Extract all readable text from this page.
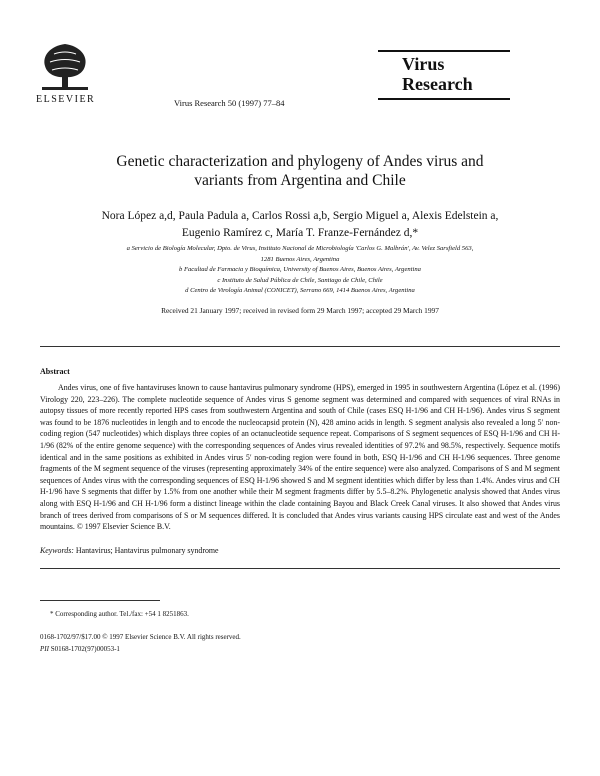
ELSEVIER	Virus Research 50 (1997) 77–84
Virus
Research
Genetic characterization and phylogeny of Andes virus and
variants from Argentina and Chile
Nora López a,d, Paula Padula a, Carlos Rossi a,b, Sergio Miguel a, Alexis Edelstein a,
Eugenio Ramírez c, María T. Franze-Fernández d,*
a Servicio de Biología Molecular, Dpto. de Virus, Instituto Nacional de Microbiología 'Carlos G. Malbrán', Av. Velez Sarsfield 563,
1281 Buenos Aires, Argentina
b Facultad de Farmacia y Bioquímica, University of Buenos Aires, Buenos Aires, Argentina
c Instituto de Salud Pública de Chile, Santiago de Chile, Chile
d Centro de Virología Animal (CONICET), Serrano 669, 1414 Buenos Aires, Argentina
Received 21 January 1997; received in revised form 29 March 1997; accepted 29 March 1997
Abstract

Andes virus, one of five hantaviruses known to cause hantavirus pulmonary syndrome (HPS), emerged in 1995 in southwestern Argentina (López et al. (1996) Virology 220, 223–226). The complete nucleotide sequence of Andes virus S genome segment was determined and compared with sequences of viral RNAs in autopsy tissues of more recently reported HPS cases from southwestern Argentina and south of Chile (cases ESQ H-1/96 and CH H-1/96). Andes virus S segment was found to be 1876 nucleotides in length and to encode the nucleocapsid protein (N), 428 amino acids in length. S segment analysis also revealed a long 5′ non-coding region (547 nucleotides) which displays three copies of an octanucleotide sequence repeat. Comparisons of S segment sequences of ESQ H-1/96 and CH H-1/96 (82% of the entire genome sequence) with the corresponding sequences of Andes virus revealed identities of 97.2% and 98.5%, respectively. Sequence motifs identical and in the same positions as exhibited in Andes virus 5′ non-coding region were found in both, ESQ H-1/96 and CH H-1/96 sequences. Three genome fragments of the M segment sequence of the viruses (representing approximately 34% of the entire sequence) were also analyzed. Comparisons of S and M segment sequences of Andes virus with the corresponding sequences of ESQ H-1/96 showed S and M segment identities which differ by less than 1.4%. Andes virus and CH H-1/96 have S segments that differ by 1.5% from one another while their M segment fragments differ by 5.5–8.2%. Phylogenetic analysis showed that Andes virus along with ESQ H-1/96 and CH H-1/96 form a distinct lineage within the clade containing Bayou and Black Creek Canal viruses. It also showed that Andes virus branch of trees derived from comparisons of S or M sequences differed. It is concluded that Andes virus variants causing HPS circulate east and west of the Andes mountains. © 1997 Elsevier Science B.V.

Keywords: Hantavirus; Hantavirus pulmonary syndrome
* Corresponding author. Tel./fax: +54 1 8251863.
0168-1702/97/$17.00 © 1997 Elsevier Science B.V. All rights reserved.
PII S0168-1702(97)00053-1
